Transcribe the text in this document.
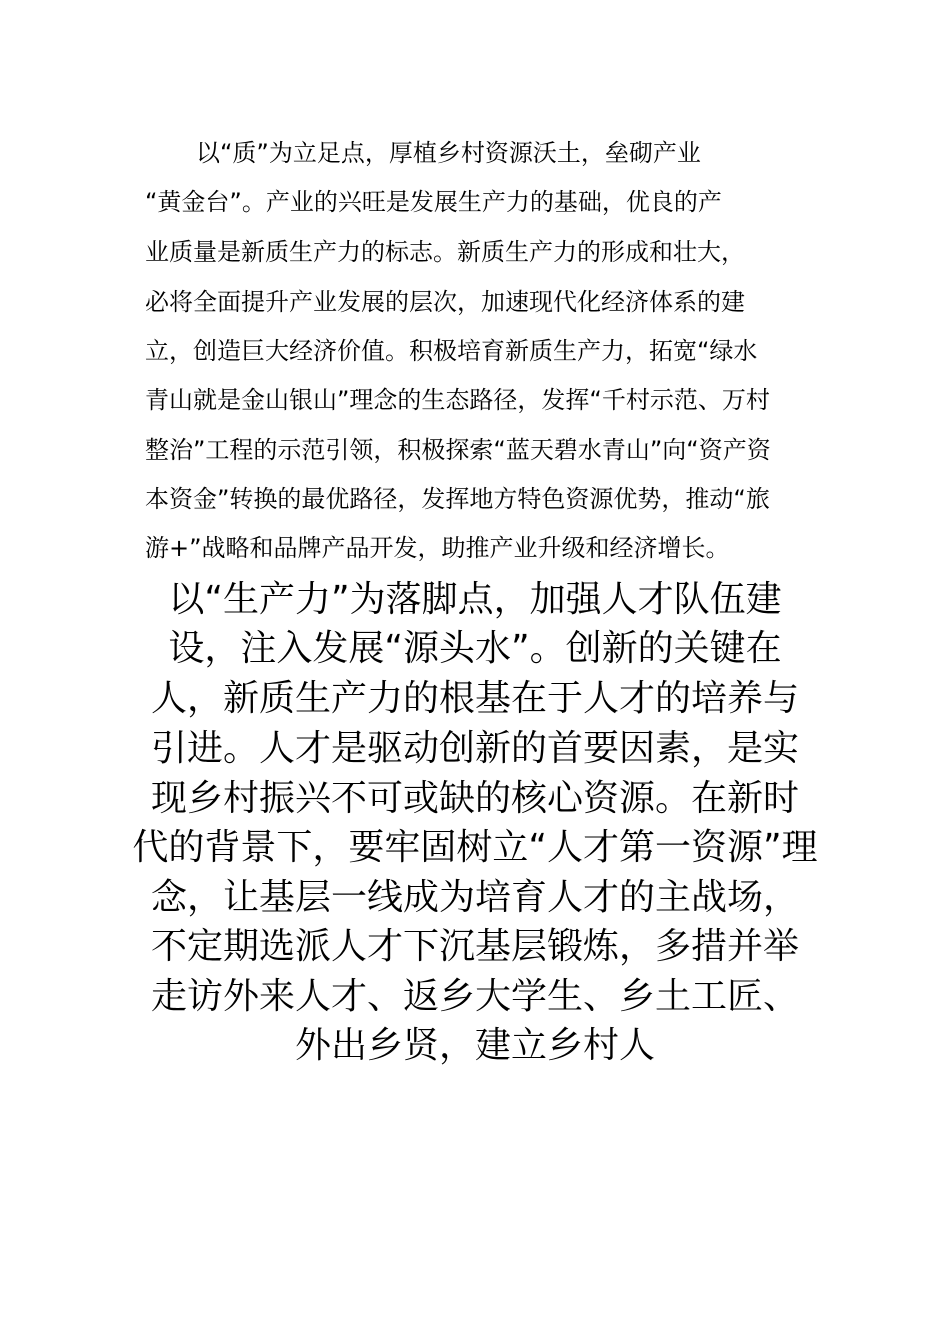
以“质”为立足点，厚植乡村资源沃土，垒砌产业

“黄金台”。产业的兴旺是发展生产力的基础，优良的产

业质量是新质生产力的标志。新质生产力的形成和壮大，

必将全面提升产业发展的层次，加速现代化经济体系的建

立，创造巨大经济价值。积极培育新质生产力，拓宽“绿水

青山就是金山银山”理念的生态路径，发挥“千村示范、万村

整治”工程的示范引领，积极探索“蓝天碧水青山”向“资产资

本资金”转换的最优路径，发挥地方特色资源优势，推动“旅

游+”战略和品牌产品开发，助推产业升级和经济增长。

以“生产力”为落脚点，加强人才队伍建

设，注入发展“源头水”。创新的关键在

人，新质生产力的根基在于人才的培养与

引进。人才是驱动创新的首要因素，是实

现乡村振兴不可或缺的核心资源。在新时

代的背景下，要牢固树立“人才第一资源”理

念，让基层一线成为培育人才的主战场，

不定期选派人才下沉基层锻炼，多措并举

走访外来人才、返乡大学生、乡土工匠、

外出乡贤，建立乡村人
